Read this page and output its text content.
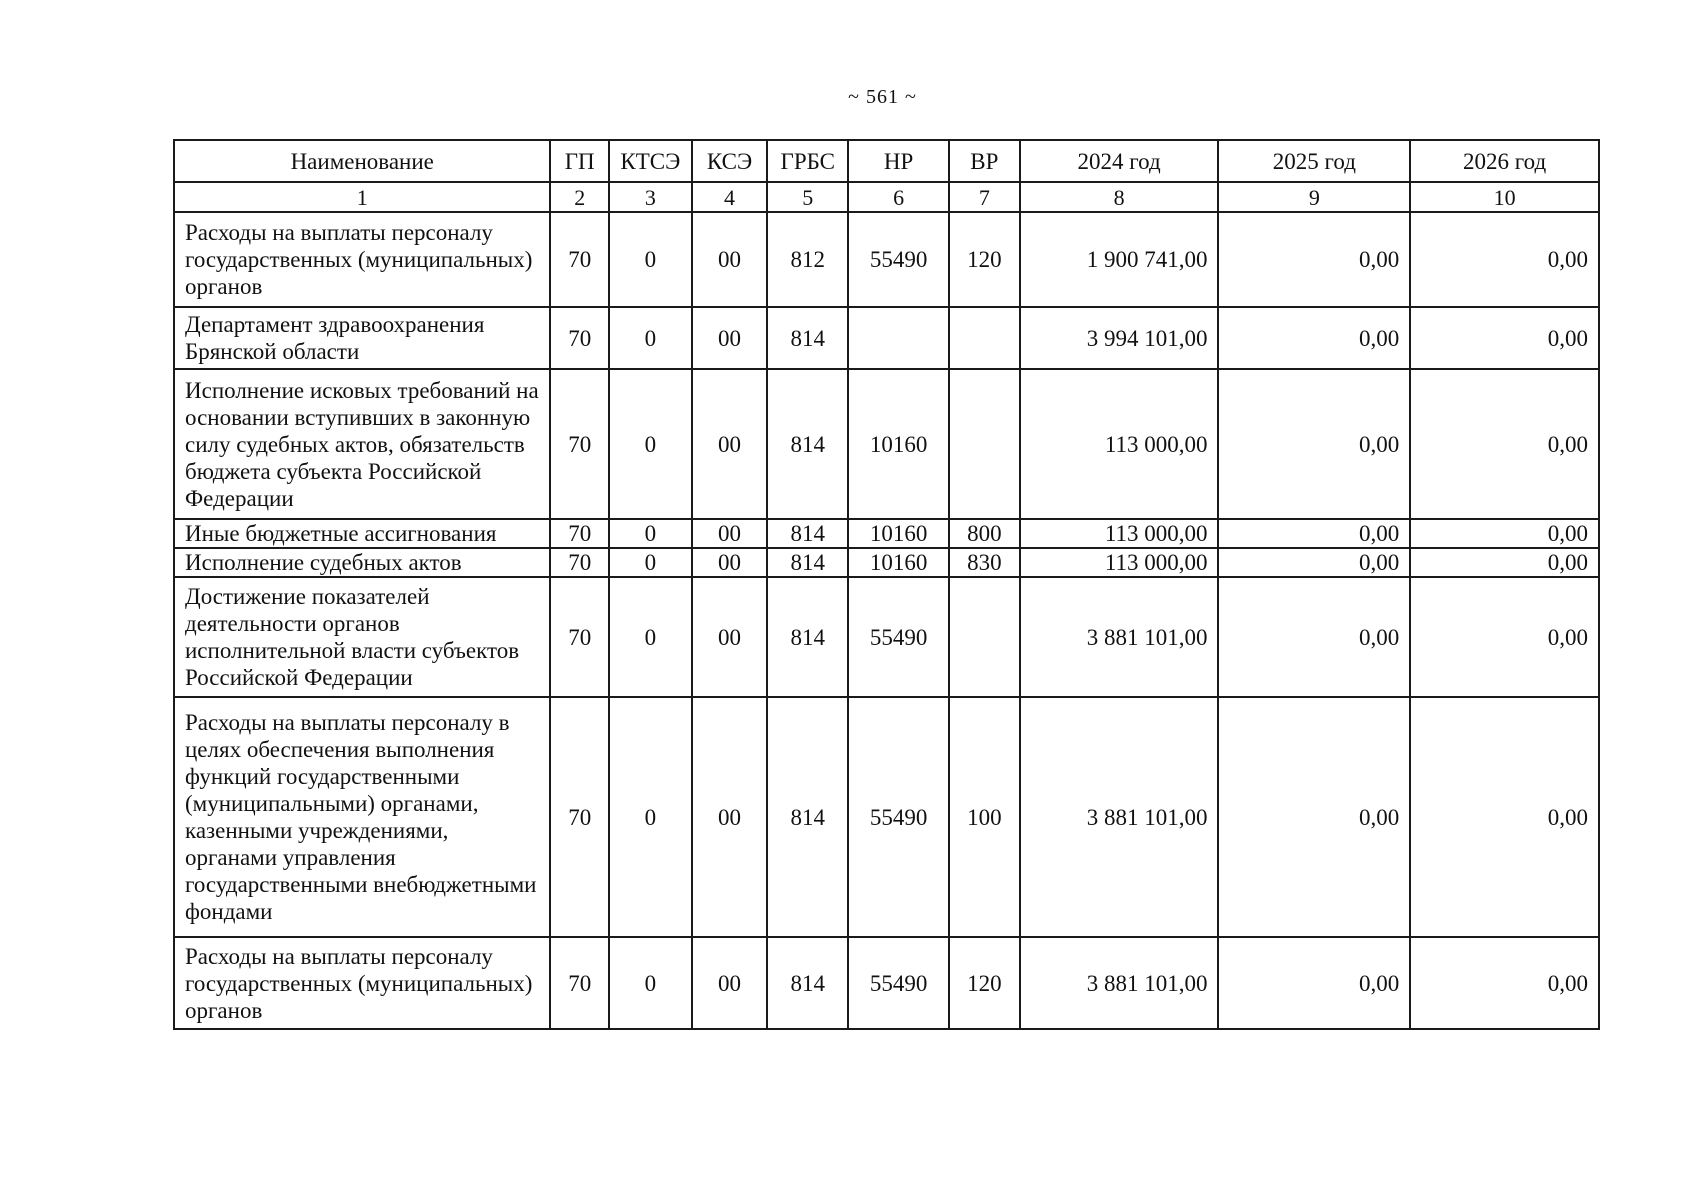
~ 561 ~
Наименование	ГП	КТСЭ	КСЭ	ГРБС	НР	ВР	2024 год	2025 год	2026 год
1	2	3	4	5	6	7	8	9	10
Расходы на выплаты персоналу государственных (муниципальных) органов	70	0	00	812	55490	120	1 900 741,00	0,00	0,00
Департамент здравоохранения Брянской области	70	0	00	814			3 994 101,00	0,00	0,00
Исполнение исковых требований на основании вступивших в законную силу судебных актов, обязательств бюджета субъекта Российской Федерации	70	0	00	814	10160		113 000,00	0,00	0,00
Иные бюджетные ассигнования	70	0	00	814	10160	800	113 000,00	0,00	0,00
Исполнение судебных актов	70	0	00	814	10160	830	113 000,00	0,00	0,00
Достижение показателей деятельности органов исполнительной власти субъектов Российской Федерации	70	0	00	814	55490		3 881 101,00	0,00	0,00
Расходы на выплаты персоналу в целях обеспечения выполнения функций государственными (муниципальными) органами, казенными учреждениями, органами управления государственными внебюджетными фондами	70	0	00	814	55490	100	3 881 101,00	0,00	0,00
Расходы на выплаты персоналу государственных (муниципальных) органов	70	0	00	814	55490	120	3 881 101,00	0,00	0,00
